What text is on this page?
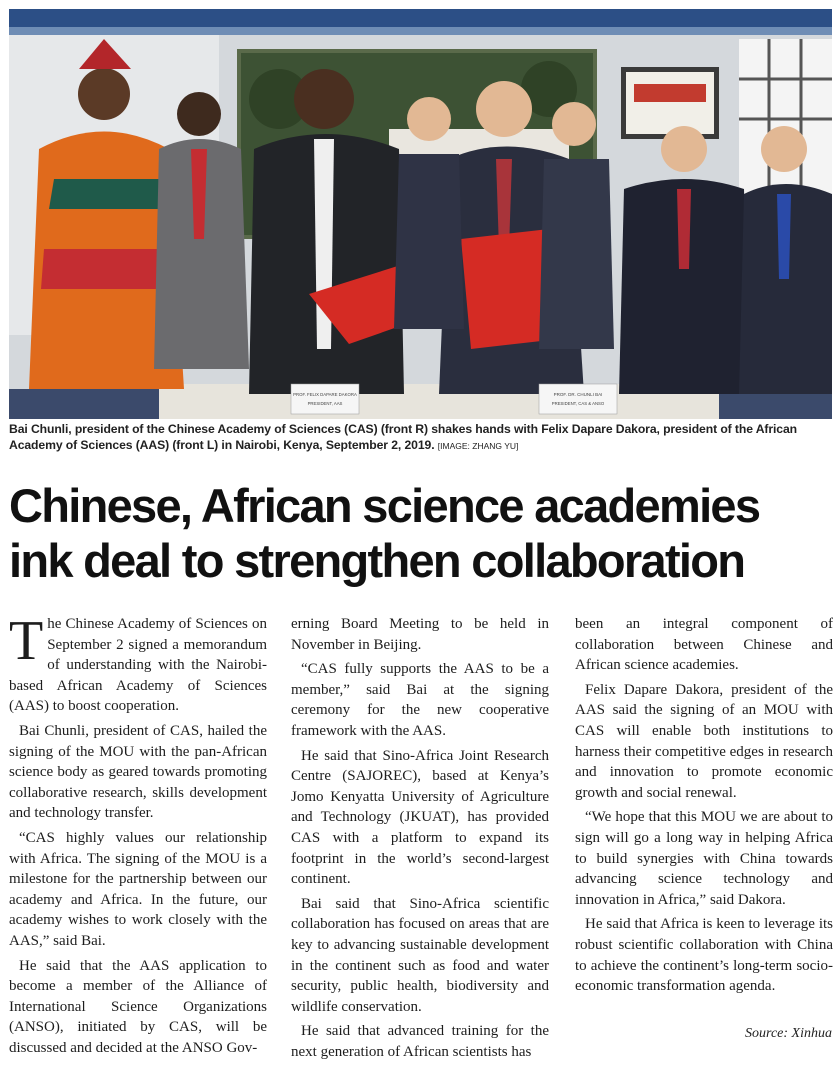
PROF. FELIX DAPARE DAKORA
PRESIDENT, AAS
PROF. DR. CHUNLI BAI
PRESIDENT, CAS & ANSO
Bai Chunli, president of the Chinese Academy of Sciences (CAS) (front R) shakes hands with Felix Dapare Dakora, president of the African Academy of Sciences (AAS) (front L) in Nairobi, Kenya, September 2, 2019. [IMAGE: ZHANG YU]
Chinese, African science academies ink deal to strengthen collaboration

The Chinese Academy of Sciences on September 2 signed a memorandum of understanding with the Nairobi-based African Academy of Sciences (AAS) to boost cooperation.

Bai Chunli, president of CAS, hailed the signing of the MOU with the pan-African science body as geared towards promoting collaborative research, skills development and technology transfer.

“CAS highly values our relationship with Africa. The signing of the MOU is a milestone for the partnership between our academy and Africa. In the future, our academy wishes to work closely with the AAS,” said Bai.

He said that the AAS application to become a member of the Alliance of International Science Organizations (ANSO), initiated by CAS, will be discussed and decided at the ANSO Gov-

erning Board Meeting to be held in November in Beijing.

“CAS fully supports the AAS to be a member,” said Bai at the signing ceremony for the new cooperative framework with the AAS.

He said that Sino-Africa Joint Research Centre (SAJOREC), based at Kenya’s Jomo Kenyatta University of Agriculture and Technology (JKUAT), has provided CAS with a platform to expand its footprint in the world’s second-largest continent.

Bai said that Sino-Africa scientific collaboration has focused on areas that are key to advancing sustainable development in the continent such as food and water security, public health, biodiversity and wildlife conservation.

He said that advanced training for the next generation of African scientists has

been an integral component of collaboration between Chinese and African science academies.

Felix Dapare Dakora, president of the AAS said the signing of an MOU with CAS will enable both institutions to harness their competitive edges in research and innovation to promote economic growth and social renewal.

“We hope that this MOU we are about to sign will go a long way in helping Africa to build synergies with China towards advancing science technology and innovation in Africa,” said Dakora.

He said that Africa is keen to leverage its robust scientific collaboration with China to achieve the continent’s long-term socio-economic transformation agenda.

Source: Xinhua
